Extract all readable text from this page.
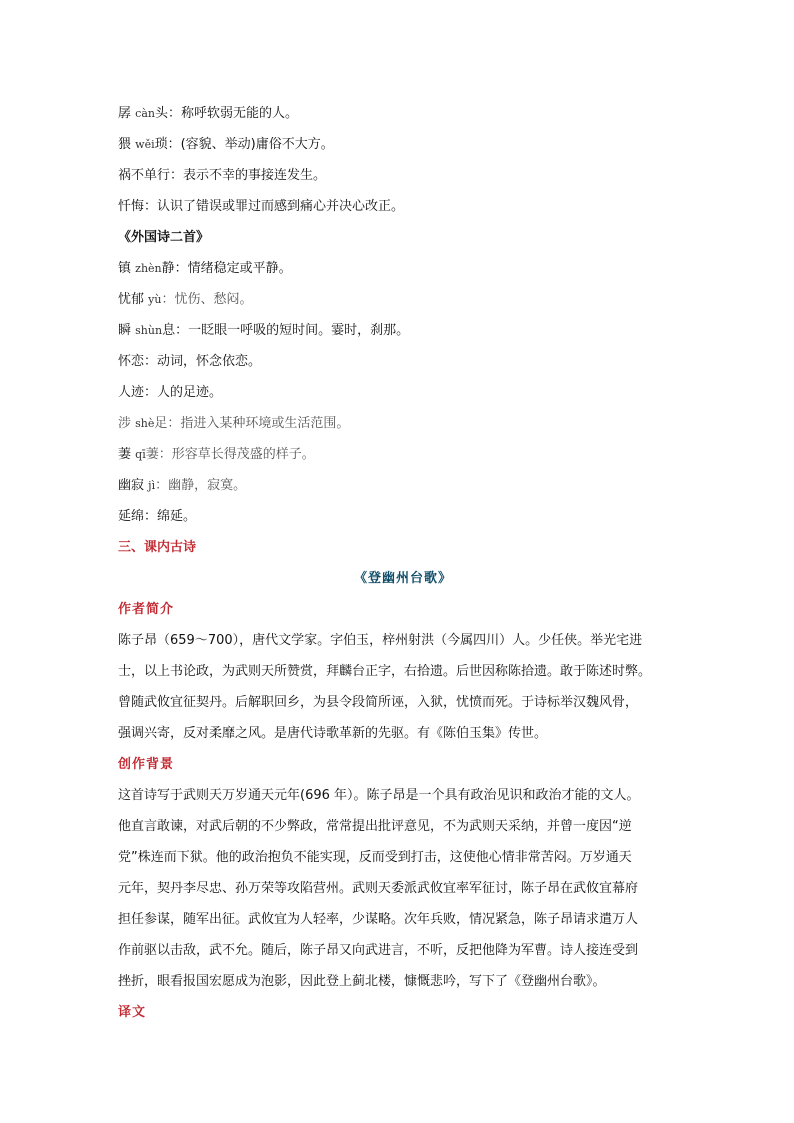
孱 càn头：称呼软弱无能的人。
猥 wěi琐：(容貌、举动)庸俗不大方。
祸不单行：表示不幸的事接连发生。
忏悔：认识了错误或罪过而感到痛心并决心改正。
《外国诗二首》
镇 zhèn静：情绪稳定或平静。
忧郁 yù：忧伤、愁闷。
瞬 shùn息：一眨眼一呼吸的短时间。霎时，刹那。
怀恋：动词，怀念依恋。
人迹：人的足迹。
涉 shè足：指进入某种环境或生活范围。
萋 qī萋：形容草长得茂盛的样子。
幽寂 jì：幽静，寂寞。
延绵：绵延。
三、课内古诗
《登幽州台歌》
作者简介
陈子昂（659～700），唐代文学家。字伯玉，梓州射洪（今属四川）人。少任侠。举光宅进
士，以上书论政，为武则天所赞赏，拜麟台正字，右拾遗。后世因称陈拾遗。敢于陈述时弊。
曾随武攸宜征契丹。后解职回乡，为县令段简所诬，入狱，忧愤而死。于诗标举汉魏风骨，
强调兴寄，反对柔靡之风。是唐代诗歌革新的先驱。有《陈伯玉集》传世。
创作背景
这首诗写于武则天万岁通天元年(696 年）。陈子昂是一个具有政治见识和政治才能的文人。
他直言敢谏，对武后朝的不少弊政，常常提出批评意见，不为武则天采纳，并曾一度因“逆
党”株连而下狱。他的政治抱负不能实现，反而受到打击，这使他心情非常苦闷。万岁通天
元年，契丹李尽忠、孙万荣等攻陷营州。武则天委派武攸宜率军征讨，陈子昂在武攸宜幕府
担任参谋，随军出征。武攸宜为人轻率，少谋略。次年兵败，情况紧急，陈子昂请求遣万人
作前驱以击敌，武不允。随后，陈子昂又向武进言，不听，反把他降为军曹。诗人接连受到
挫折，眼看报国宏愿成为泡影，因此登上蓟北楼，慷慨悲吟，写下了《登幽州台歌》。
译文
